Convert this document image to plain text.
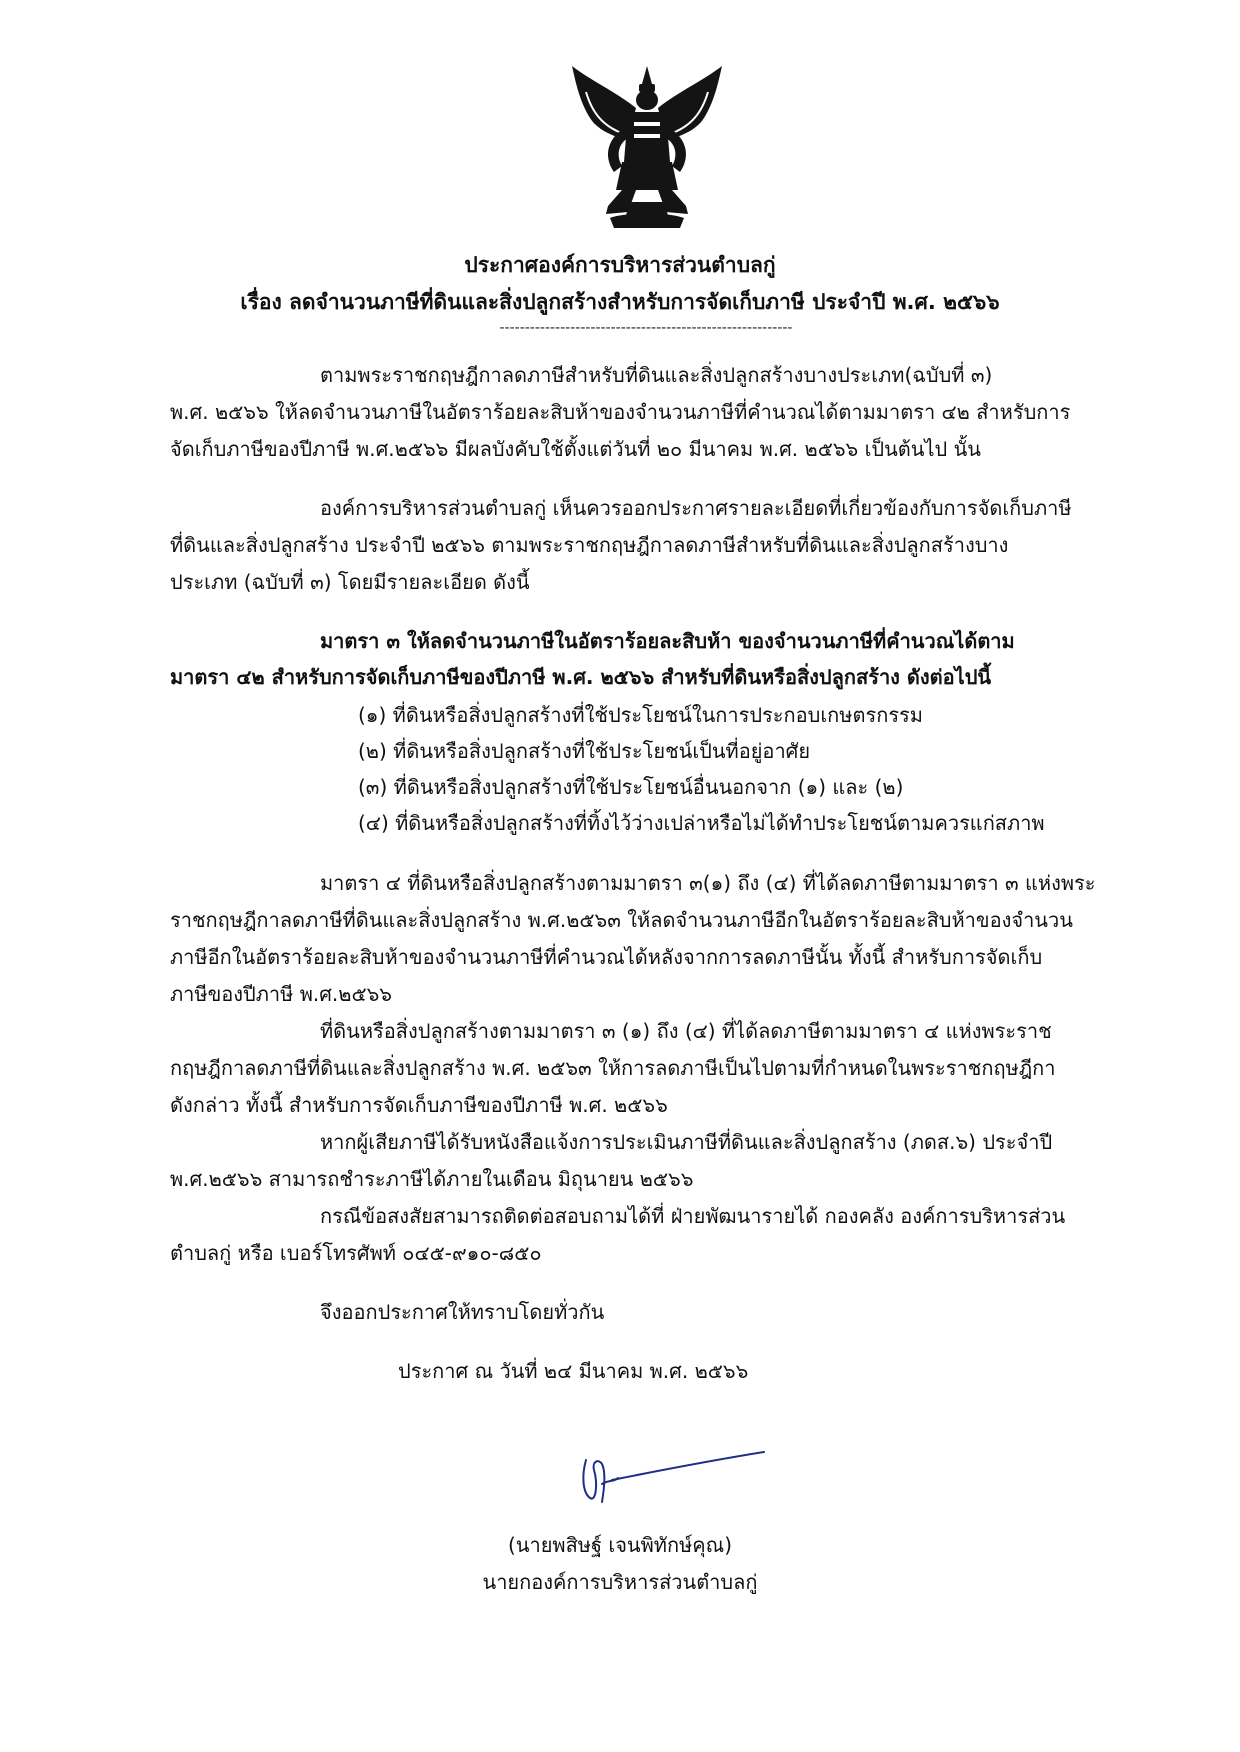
ประกาศองค์การบริหารส่วนตำบลกู่
เรื่อง ลดจำนวนภาษีที่ดินและสิ่งปลูกสร้างสำหรับการจัดเก็บภาษี ประจำปี พ.ศ. ๒๕๖๖
----------------------------------------------------------
ตามพระราชกฤษฎีกาลดภาษีสำหรับที่ดินและสิ่งปลูกสร้างบางประเภท(ฉบับที่ ๓)
พ.ศ. ๒๕๖๖ ให้ลดจำนวนภาษีในอัตราร้อยละสิบห้าของจำนวนภาษีที่คำนวณได้ตามมาตรา ๔๒ สำหรับการ
จัดเก็บภาษีของปีภาษี พ.ศ.๒๕๖๖ มีผลบังคับใช้ตั้งแต่วันที่ ๒๐ มีนาคม พ.ศ. ๒๕๖๖ เป็นต้นไป นั้น
องค์การบริหารส่วนตำบลกู่ เห็นควรออกประกาศรายละเอียดที่เกี่ยวข้องกับการจัดเก็บภาษี
ที่ดินและสิ่งปลูกสร้าง ประจำปี ๒๕๖๖ ตามพระราชกฤษฎีกาลดภาษีสำหรับที่ดินและสิ่งปลูกสร้างบาง
ประเภท (ฉบับที่ ๓) โดยมีรายละเอียด ดังนี้
มาตรา ๓ ให้ลดจำนวนภาษีในอัตราร้อยละสิบห้า ของจำนวนภาษีที่คำนวณได้ตาม
มาตรา ๔๒ สำหรับการจัดเก็บภาษีของปีภาษี พ.ศ. ๒๕๖๖ สำหรับที่ดินหรือสิ่งปลูกสร้าง ดังต่อไปนี้
(๑) ที่ดินหรือสิ่งปลูกสร้างที่ใช้ประโยชน์ในการประกอบเกษตรกรรม
(๒) ที่ดินหรือสิ่งปลูกสร้างที่ใช้ประโยชน์เป็นที่อยู่อาศัย
(๓) ที่ดินหรือสิ่งปลูกสร้างที่ใช้ประโยชน์อื่นนอกจาก (๑) และ (๒)
(๔) ที่ดินหรือสิ่งปลูกสร้างที่ทิ้งไว้ว่างเปล่าหรือไม่ได้ทำประโยชน์ตามควรแก่สภาพ
มาตรา ๔ ที่ดินหรือสิ่งปลูกสร้างตามมาตรา ๓(๑) ถึง (๔) ที่ได้ลดภาษีตามมาตรา ๓ แห่งพระ
ราชกฤษฎีกาลดภาษีที่ดินและสิ่งปลูกสร้าง พ.ศ.๒๕๖๓ ให้ลดจำนวนภาษีอีกในอัตราร้อยละสิบห้าของจำนวน
ภาษีอีกในอัตราร้อยละสิบห้าของจำนวนภาษีที่คำนวณได้หลังจากการลดภาษีนั้น ทั้งนี้ สำหรับการจัดเก็บ
ภาษีของปีภาษี พ.ศ.๒๕๖๖
ที่ดินหรือสิ่งปลูกสร้างตามมาตรา ๓ (๑) ถึง (๔) ที่ได้ลดภาษีตามมาตรา ๔ แห่งพระราช
กฤษฎีกาลดภาษีที่ดินและสิ่งปลูกสร้าง พ.ศ. ๒๕๖๓ ให้การลดภาษีเป็นไปตามที่กำหนดในพระราชกฤษฎีกา
ดังกล่าว ทั้งนี้ สำหรับการจัดเก็บภาษีของปีภาษี พ.ศ. ๒๕๖๖
หากผู้เสียภาษีได้รับหนังสือแจ้งการประเมินภาษีที่ดินและสิ่งปลูกสร้าง (ภดส.๖) ประจำปี
พ.ศ.๒๕๖๖ สามารถชำระภาษีได้ภายในเดือน มิถุนายน ๒๕๖๖
กรณีข้อสงสัยสามารถติดต่อสอบถามได้ที่ ฝ่ายพัฒนารายได้ กองคลัง องค์การบริหารส่วน
ตำบลกู่ หรือ เบอร์โทรศัพท์ ๐๔๕-๙๑๐-๘๕๐
จึงออกประกาศให้ทราบโดยทั่วกัน
ประกาศ ณ วันที่ ๒๔ มีนาคม พ.ศ. ๒๕๖๖
(นายพสิษฐ์ เจนพิทักษ์คุณ)
นายกองค์การบริหารส่วนตำบลกู่
